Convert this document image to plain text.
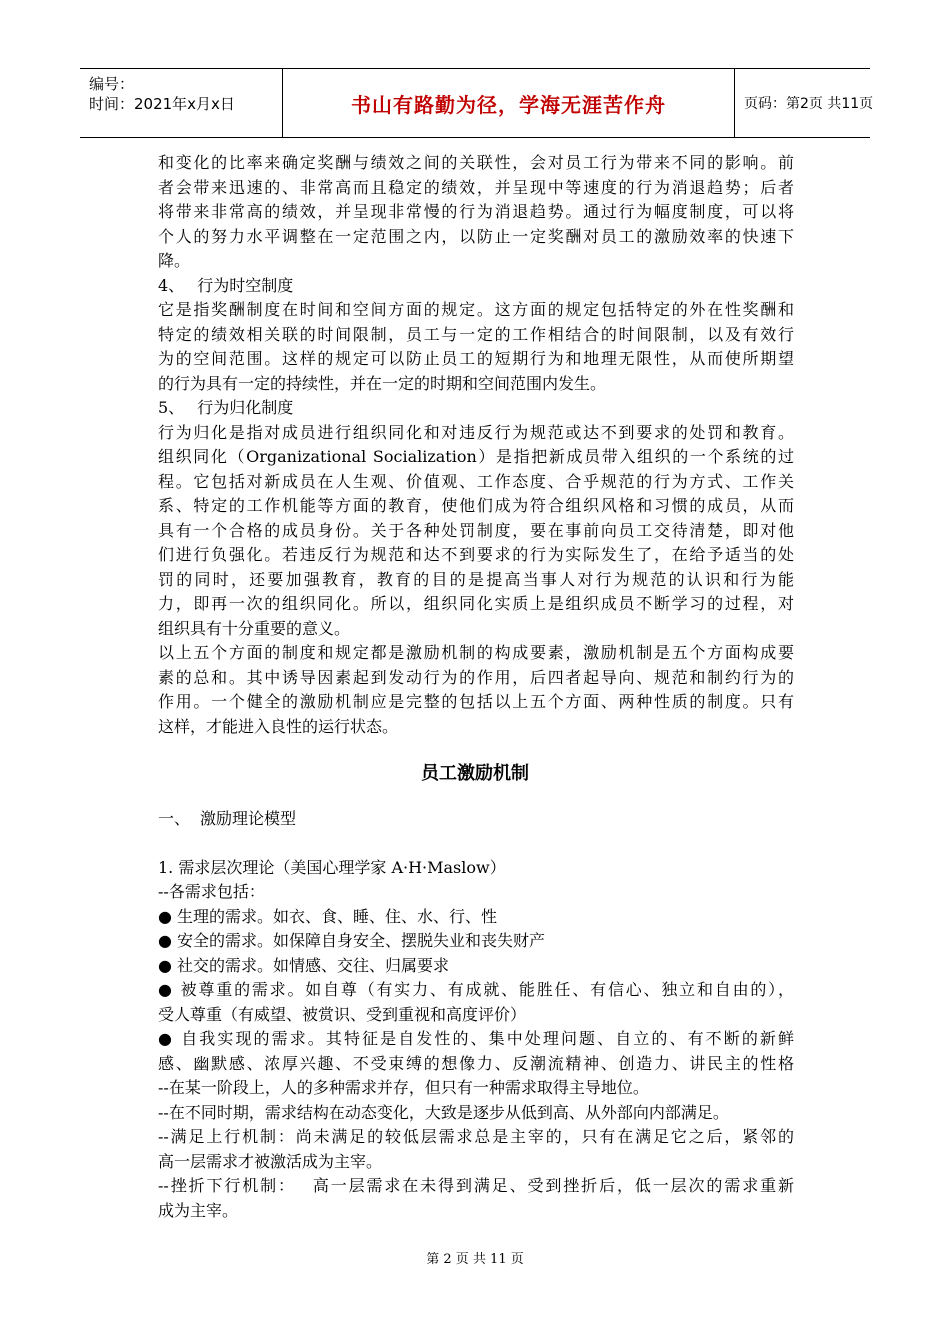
编号：
时间：2021年x月x日	书山有路勤为径，学海无涯苦作舟	页码：第2页 共11页
和变化的比率来确定奖酬与绩效之间的关联性，会对员工行为带来不同的影响。前
者会带来迅速的、非常高而且稳定的绩效，并呈现中等速度的行为消退趋势；后者
将带来非常高的绩效，并呈现非常慢的行为消退趋势。通过行为幅度制度，可以将
个人的努力水平调整在一定范围之内，以防止一定奖酬对员工的激励效率的快速下
降。
4、　 行为时空制度
它是指奖酬制度在时间和空间方面的规定。这方面的规定包括特定的外在性奖酬和
特定的绩效相关联的时间限制，员工与一定的工作相结合的时间限制，以及有效行
为的空间范围。这样的规定可以防止员工的短期行为和地理无限性，从而使所期望
的行为具有一定的持续性，并在一定的时期和空间范围内发生。
5、　 行为归化制度
行为归化是指对成员进行组织同化和对违反行为规范或达不到要求的处罚和教育。
组织同化（Organizational Socialization）是指把新成员带入组织的一个系统的过
程。它包括对新成员在人生观、价值观、工作态度、合乎规范的行为方式、工作关
系、特定的工作机能等方面的教育，使他们成为符合组织风格和习惯的成员，从而
具有一个合格的成员身份。关于各种处罚制度，要在事前向员工交待清楚，即对他
们进行负强化。若违反行为规范和达不到要求的行为实际发生了，在给予适当的处
罚的同时，还要加强教育，教育的目的是提高当事人对行为规范的认识和行为能
力，即再一次的组织同化。所以，组织同化实质上是组织成员不断学习的过程，对
组织具有十分重要的意义。
以上五个方面的制度和规定都是激励机制的构成要素，激励机制是五个方面构成要
素的总和。其中诱导因素起到发动行为的作用，后四者起导向、规范和制约行为的
作用。一个健全的激励机制应是完整的包括以上五个方面、两种性质的制度。只有
这样，才能进入良性的运行状态。
员工激励机制
一、 激励理论模型
1. 需求层次理论（美国心理学家 A·H·Maslow）
--各需求包括：
● 生理的需求。如衣、食、睡、住、水、行、性
● 安全的需求。如保障自身安全、摆脱失业和丧失财产
● 社交的需求。如情感、交往、归属要求
● 被尊重的需求。如自尊（有实力、有成就、能胜任、有信心、独立和自由的），
受人尊重（有威望、被赏识、受到重视和高度评价）
● 自我实现的需求。其特征是自发性的、集中处理问题、自立的、有不断的新鲜
感、幽默感、浓厚兴趣、不受束缚的想像力、反潮流精神、创造力、讲民主的性格
--在某一阶段上，人的多种需求并存，但只有一种需求取得主导地位。
--在不同时期，需求结构在动态变化，大致是逐步从低到高、从外部向内部满足。
--满足上行机制：尚未满足的较低层需求总是主宰的，只有在满足它之后，紧邻的
高一层需求才被激活成为主宰。
--挫折下行机制：　 高一层需求在未得到满足、受到挫折后，低一层次的需求重新
成为主宰。
第 2 页 共 11 页
